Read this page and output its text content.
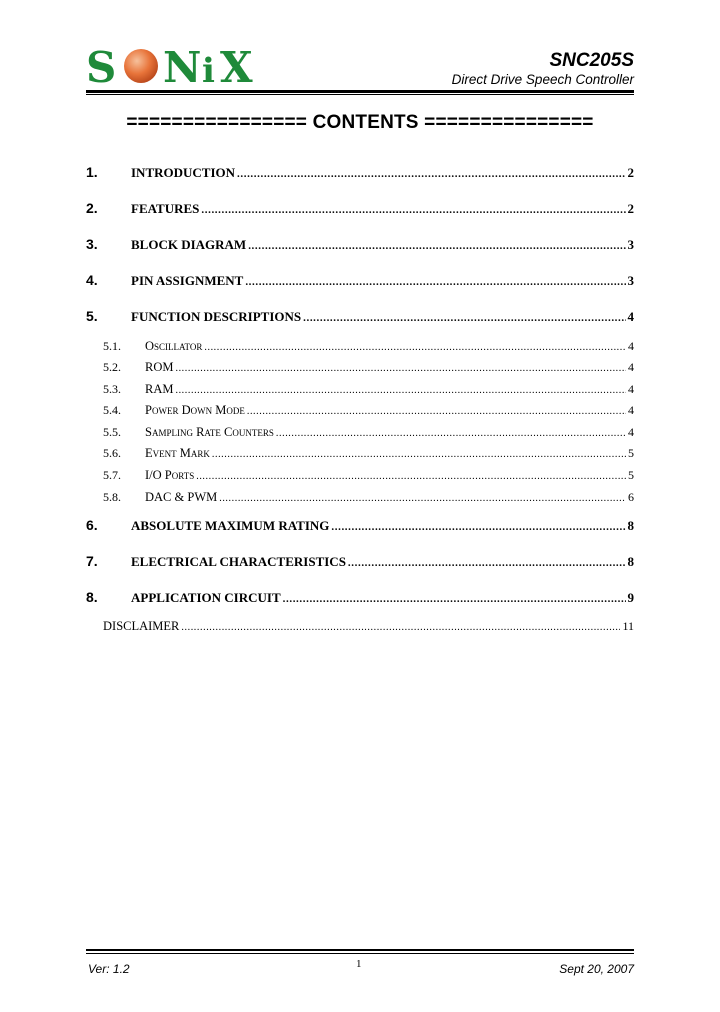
S N i X	SNC205S
Direct Drive Speech Controller
================ CONTENTS ===============
1.	INTRODUCTION .....	2
2.	FEATURES .....	2
3.	BLOCK DIAGRAM .....	3
4.	PIN ASSIGNMENT .....	3
5.	FUNCTION DESCRIPTIONS .....	4
5.1.	Oscillator .....	4
5.2.	ROM .....	4
5.3.	RAM .....	4
5.4.	Power Down Mode .....	4
5.5.	Sampling Rate Counters .....	4
5.6.	Event Mark .....	5
5.7.	I/O Ports .....	5
5.8.	DAC & PWM .....	6
6.	ABSOLUTE MAXIMUM RATING .....	8
7.	ELECTRICAL CHARACTERISTICS .....	8
8.	APPLICATION CIRCUIT .....	9
DISCLAIMER .....	11
Ver: 1.2	1	Sept 20, 2007
